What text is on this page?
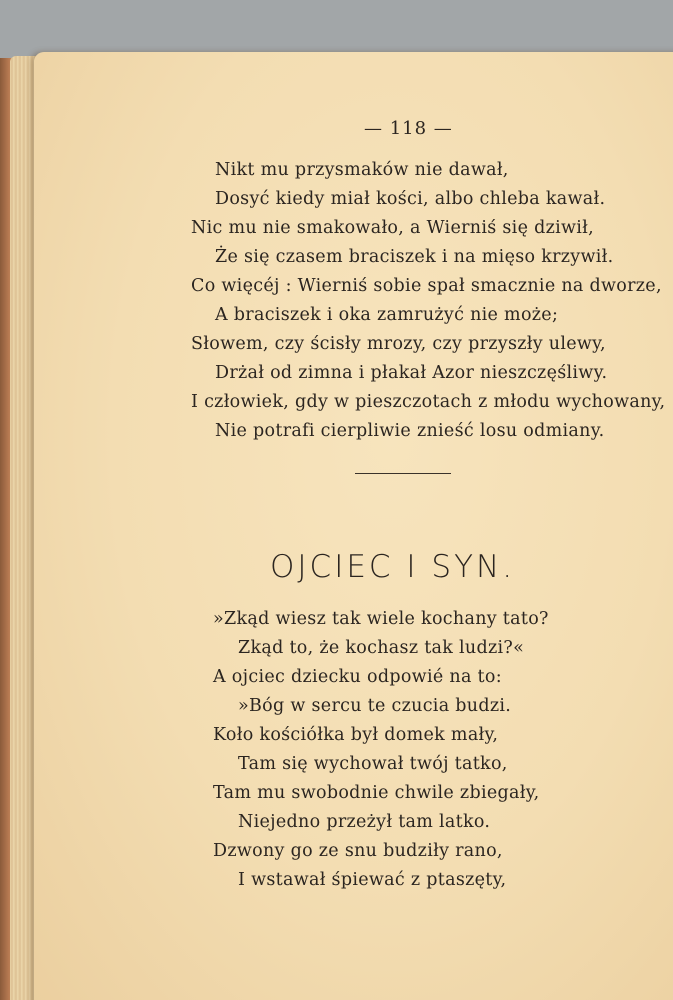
— 118 —
Nikt mu przysmaków nie dawał,
Dosyć kiedy miał kości, albo chleba kawał.
Nic mu nie smakowało, a Wierniś się dziwił,
Że się czasem braciszek i na mięso krzywił.
Co więcéj : Wierniś sobie spał smacznie na dworze,
A braciszek i oka zamrużyć nie może;
Słowem, czy ścisły mrozy, czy przyszły ulewy,
Drżał od zimna i płakał Azor nieszczęśliwy.
I człowiek, gdy w pieszczotach z młodu wychowany,
Nie potrafi cierpliwie znieść losu odmiany.
OJCIEC I SYN.
»Zkąd wiesz tak wiele kochany tato?
Zkąd to, że kochasz tak ludzi?«
A ojciec dziecku odpowié na to:
»Bóg w sercu te czucia budzi.
Koło kościółka był domek mały,
Tam się wychował twój tatko,
Tam mu swobodnie chwile zbiegały,
Niejedno przeżył tam latko.
Dzwony go ze snu budziły rano,
I wstawał śpiewać z ptaszęty,
